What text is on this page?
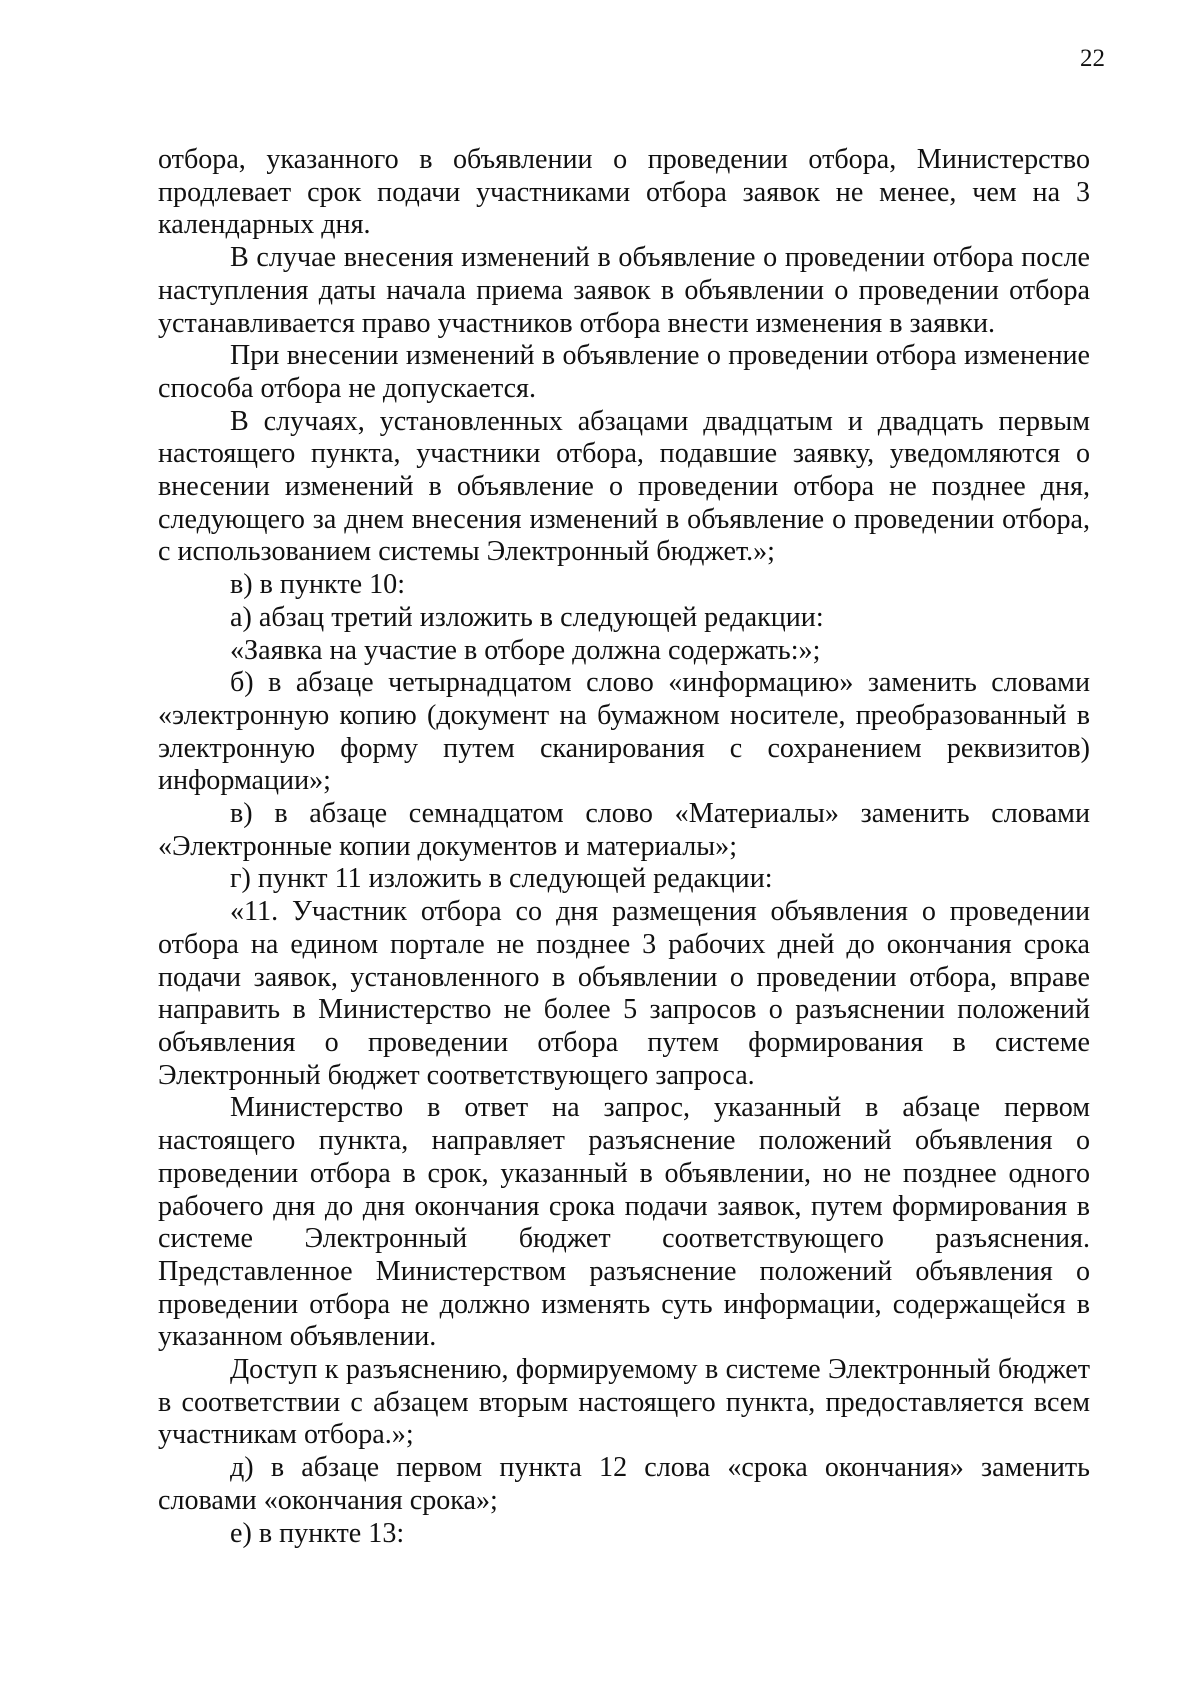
22

отбора, указанного в объявлении о проведении отбора, Министерство продлевает срок подачи участниками отбора заявок не менее, чем на 3 календарных дня.

В случае внесения изменений в объявление о проведении отбора после наступления даты начала приема заявок в объявлении о проведении отбора устанавливается право участников отбора внести изменения в заявки.

При внесении изменений в объявление о проведении отбора изменение способа отбора не допускается.

В случаях, установленных абзацами двадцатым и двадцать первым настоящего пункта, участники отбора, подавшие заявку, уведомляются о внесении изменений в объявление о проведении отбора не позднее дня, следующего за днем внесения изменений в объявление о проведении отбора, с использованием системы Электронный бюджет.»;

в) в пункте 10:

а) абзац третий изложить в следующей редакции:

«Заявка на участие в отборе должна содержать:»;

б) в абзаце четырнадцатом слово «информацию» заменить словами «электронную копию (документ на бумажном носителе, преобразованный в электронную форму путем сканирования с сохранением реквизитов) информации»;

в) в абзаце семнадцатом слово «Материалы» заменить словами «Электронные копии документов и материалы»;

г) пункт 11 изложить в следующей редакции:

«11. Участник отбора со дня размещения объявления о проведении отбора на едином портале не позднее 3 рабочих дней до окончания срока подачи заявок, установленного в объявлении о проведении отбора, вправе направить в Министерство не более 5 запросов о разъяснении положений объявления о проведении отбора путем формирования в системе Электронный бюджет соответствующего запроса.

Министерство в ответ на запрос, указанный в абзаце первом настоящего пункта, направляет разъяснение положений объявления о проведении отбора в срок, указанный в объявлении, но не позднее одного рабочего дня до дня окончания срока подачи заявок, путем формирования в системе Электронный бюджет соответствующего разъяснения. Представленное Министерством разъяснение положений объявления о проведении отбора не должно изменять суть информации, содержащейся в указанном объявлении.

Доступ к разъяснению, формируемому в системе Электронный бюджет в соответствии с абзацем вторым настоящего пункта, предоставляется всем участникам отбора.»;

д) в абзаце первом пункта 12 слова «срока окончания» заменить словами «окончания срока»;

е) в пункте 13:
